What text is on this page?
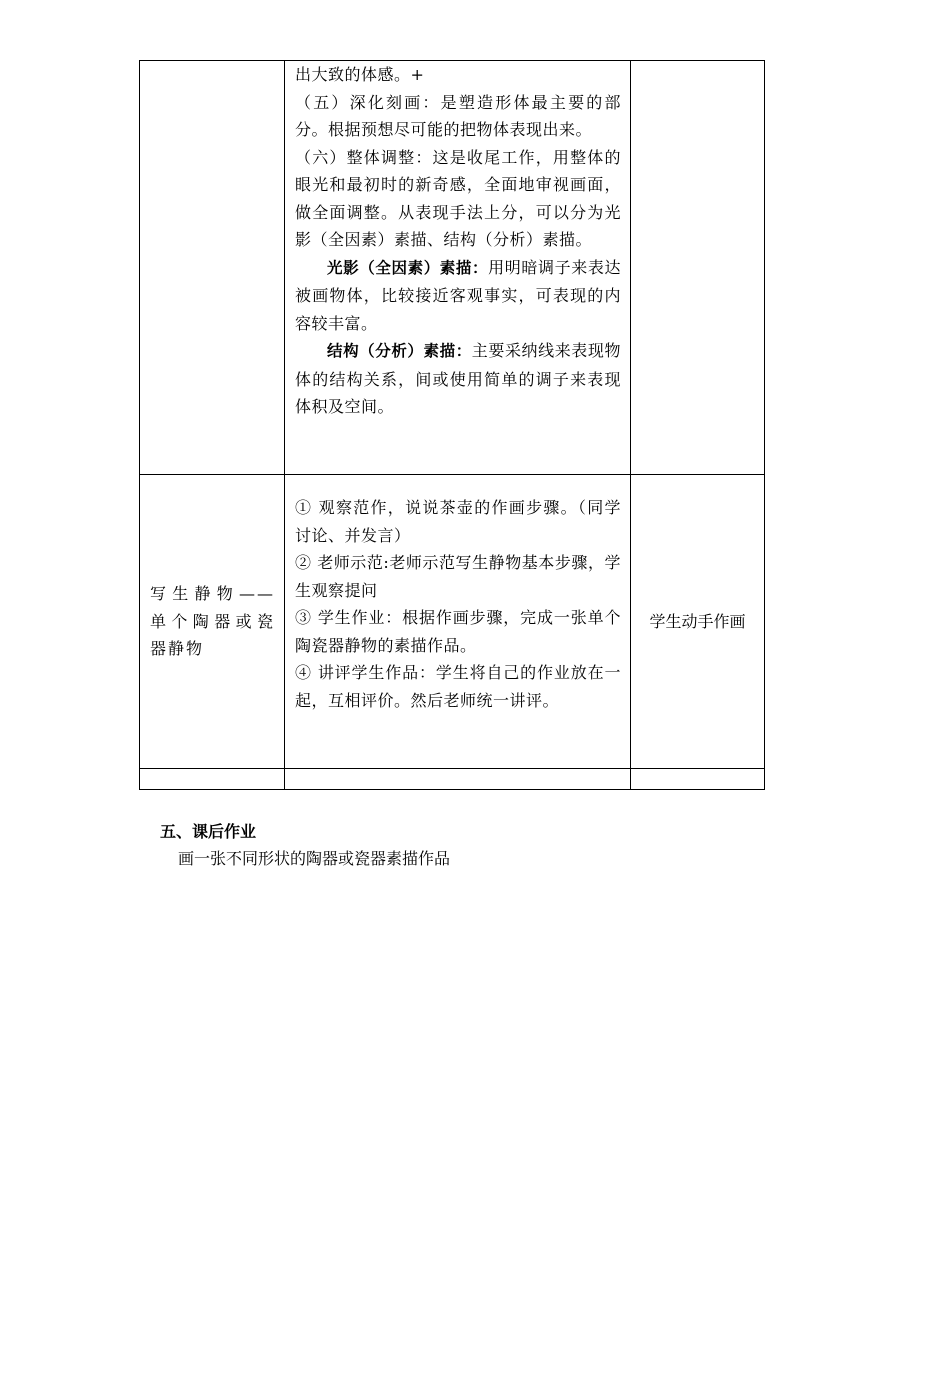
	出大致的体感。+

（五）深化刻画：是塑造形体最主要的部分。根据预想尽可能的把物体表现出来。

（六）整体调整：这是收尾工作，用整体的眼光和最初时的新奇感，全面地审视画面，做全面调整。从表现手法上分，可以分为光影（全因素）素描、结构（分析）素描。

光影（全因素）素描：用明暗调子来表达被画物体，比较接近客观事实，可表现的内容较丰富。

结构（分析）素描：主要采纳线来表现物体的结构关系，间或使用简单的调子来表现体积及空间。	

写生静物——单个陶器或瓷器静物	① 观察范作，说说茶壶的作画步骤。（同学讨论、并发言）

② 老师示范:老师示范写生静物基本步骤，学生观察提问

③ 学生作业：根据作画步骤，完成一张单个陶瓷器静物的素描作品。

④ 讲评学生作品：学生将自己的作业放在一起，互相评价。然后老师统一讲评。	学生动手作画

五、课后作业

画一张不同形状的陶器或瓷器素描作品
